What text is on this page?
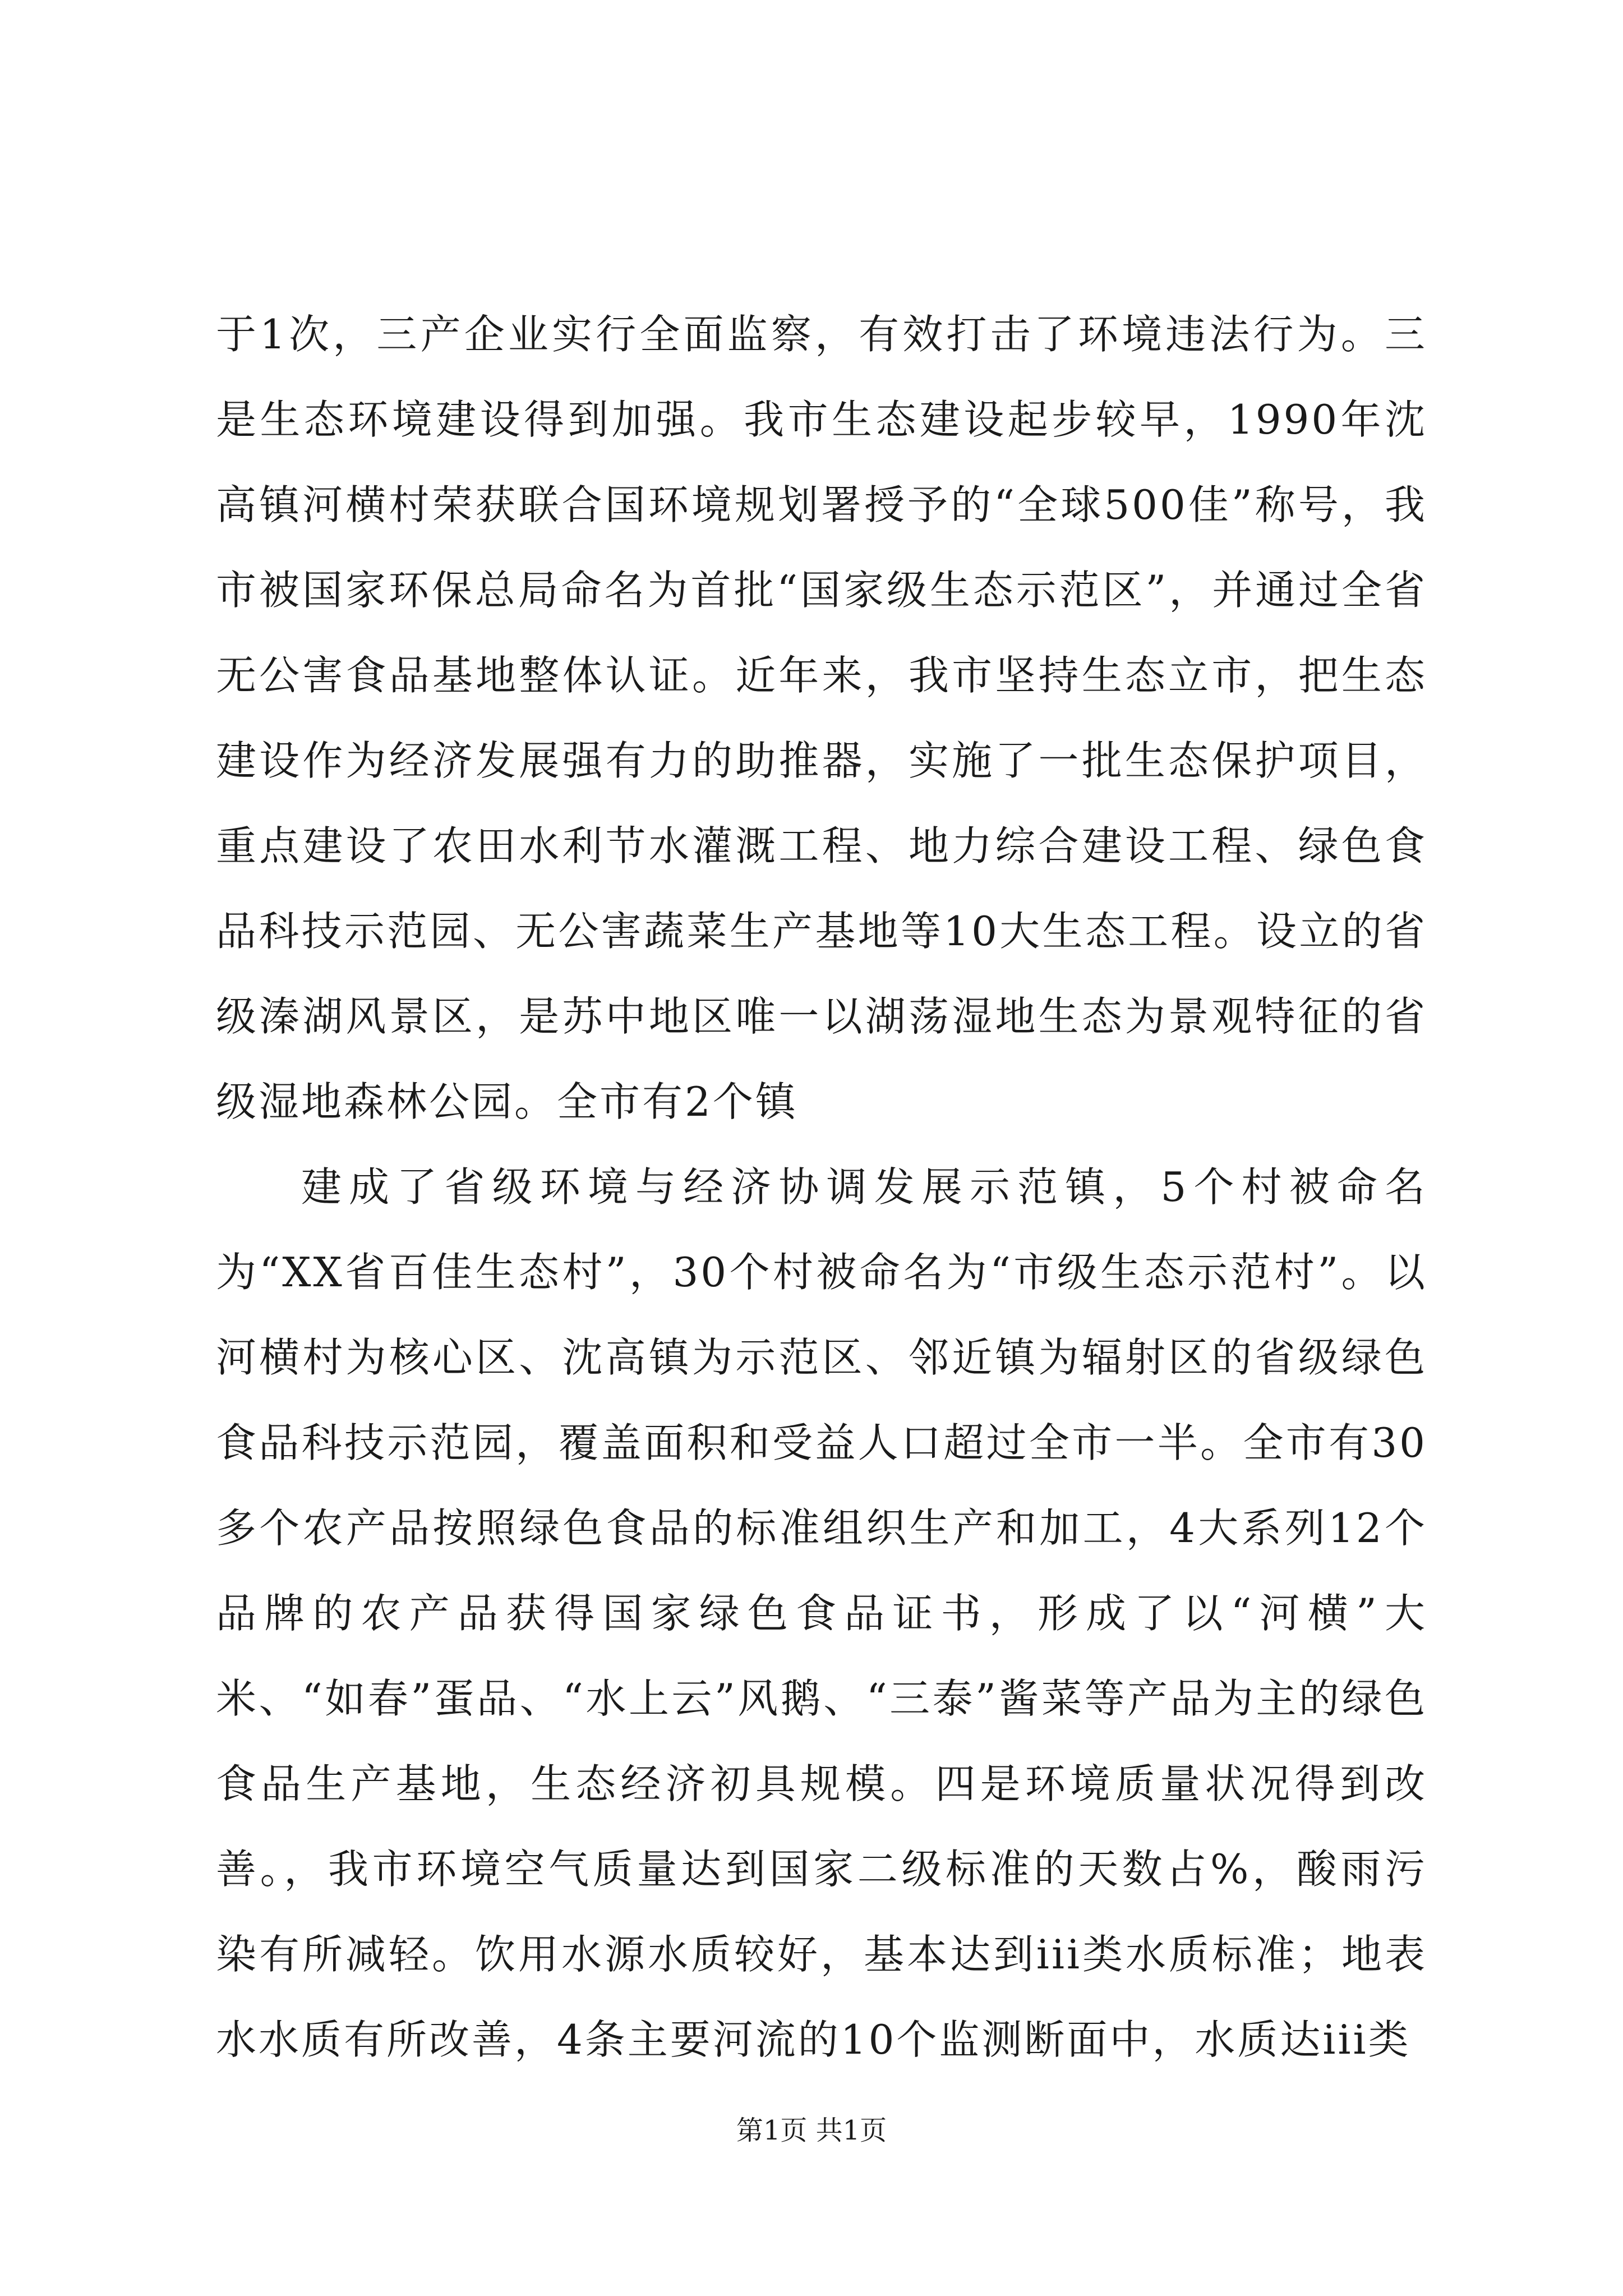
于1次，三产企业实行全面监察，有效打击了环境违法行为。三是生态环境建设得到加强。我市生态建设起步较早，1990年沈高镇河横村荣获联合国环境规划署授予的“全球500佳”称号，我市被国家环保总局命名为首批“国家级生态示范区”，并通过全省无公害食品基地整体认证。近年来，我市坚持生态立市，把生态建设作为经济发展强有力的助推器，实施了一批生态保护项目，重点建设了农田水利节水灌溉工程、地力综合建设工程、绿色食品科技示范园、无公害蔬菜生产基地等10大生态工程。设立的省级溱湖风景区，是苏中地区唯一以湖荡湿地生态为景观特征的省级湿地森林公园。全市有2个镇

建成了省级环境与经济协调发展示范镇，5个村被命名为“XX省百佳生态村”，30个村被命名为“市级生态示范村”。以河横村为核心区、沈高镇为示范区、邻近镇为辐射区的省级绿色食品科技示范园，覆盖面积和受益人口超过全市一半。全市有30多个农产品按照绿色食品的标准组织生产和加工，4大系列12个品牌的农产品获得国家绿色食品证书，形成了以“河横”大米、“如春”蛋品、“水上云”风鹅、“三泰”酱菜等产品为主的绿色食品生产基地，生态经济初具规模。四是环境质量状况得到改善。，我市环境空气质量达到国家二级标准的天数占%，酸雨污染有所减轻。饮用水源水质较好，基本达到iii类水质标准；地表水水质有所改善，4条主要河流的10个监测断面中，水质达iii类

第1页 共1页
